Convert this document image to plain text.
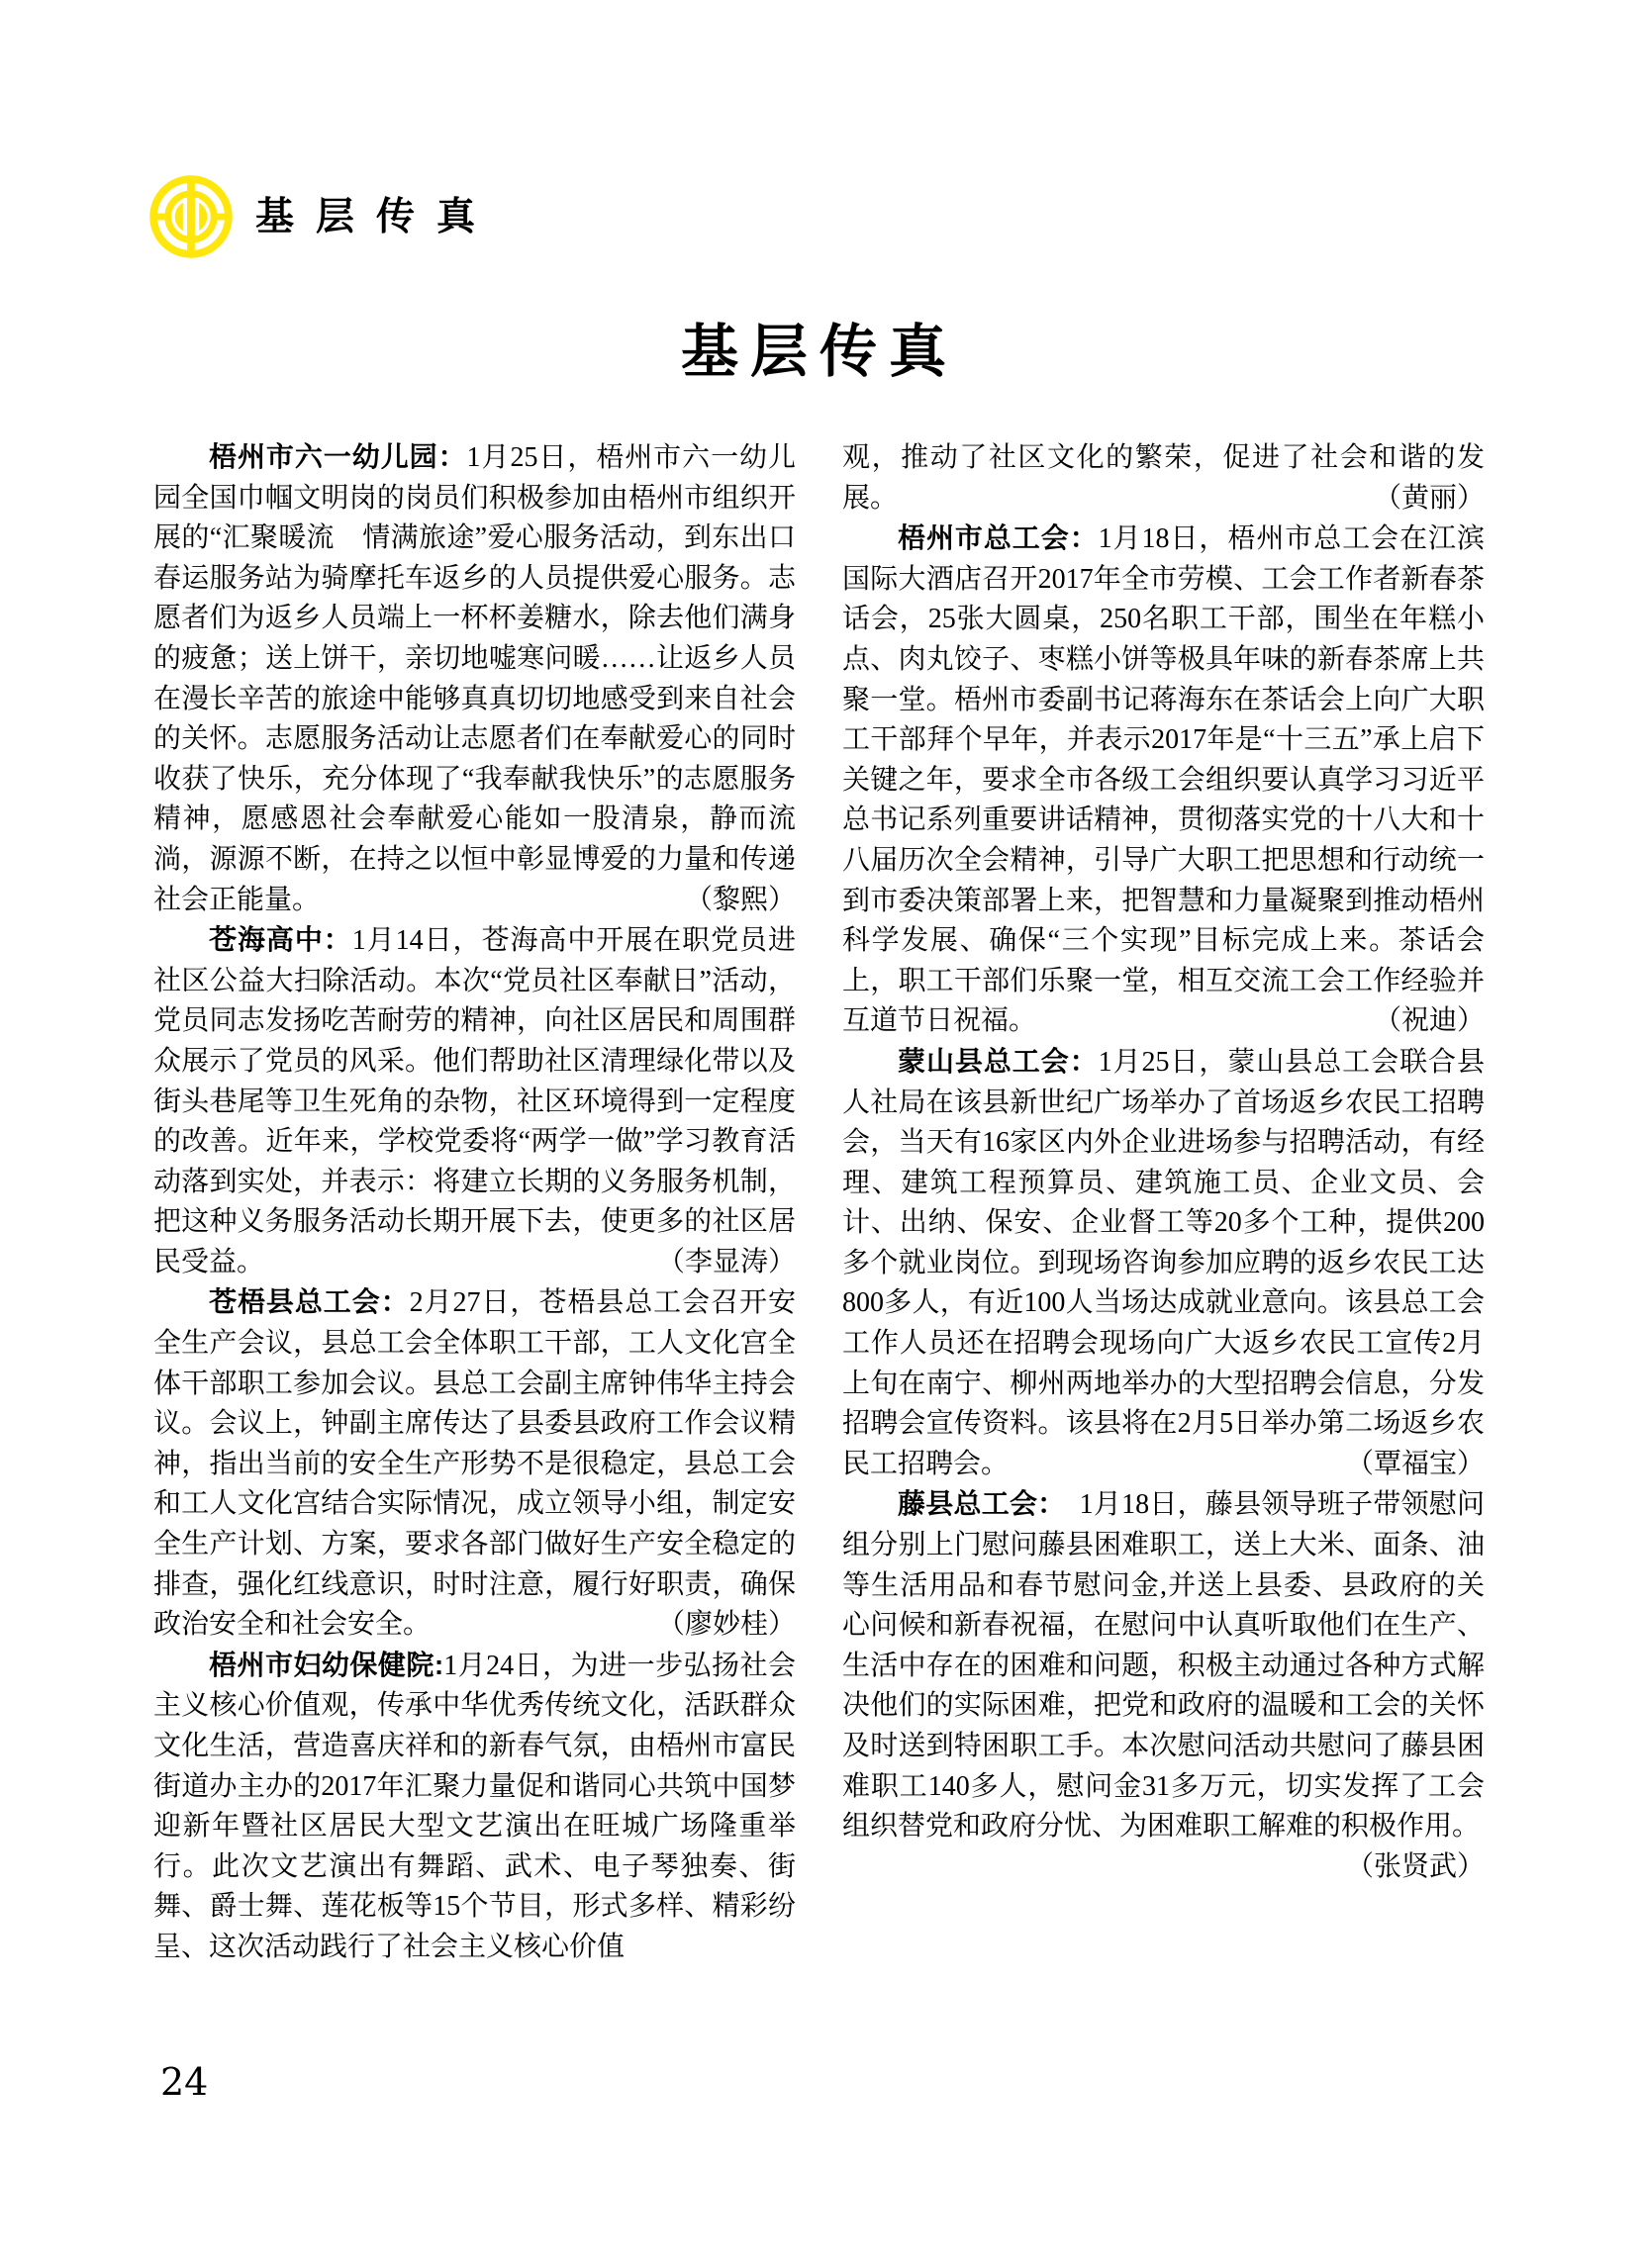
基层传真
基层传真

梧州市六一幼儿园：1月25日，梧州市六一幼儿园全国巾帼文明岗的岗员们积极参加由梧州市组织开展的“汇聚暖流　情满旅途”爱心服务活动，到东出口春运服务站为骑摩托车返乡的人员提供爱心服务。志愿者们为返乡人员端上一杯杯姜糖水，除去他们满身的疲惫；送上饼干，亲切地嘘寒问暖……让返乡人员在漫长辛苦的旅途中能够真真切切地感受到来自社会的关怀。志愿服务活动让志愿者们在奉献爱心的同时收获了快乐，充分体现了“我奉献我快乐”的志愿服务精神，愿感恩社会奉献爱心能如一股清泉，静而流淌，源源不断，在持之以恒中彰显博爱的力量和传递社会正能量。	（黎熙）

苍海高中：1月14日，苍海高中开展在职党员进社区公益大扫除活动。本次“党员社区奉献日”活动，党员同志发扬吃苦耐劳的精神，向社区居民和周围群众展示了党员的风采。他们帮助社区清理绿化带以及街头巷尾等卫生死角的杂物，社区环境得到一定程度的改善。近年来，学校党委将“两学一做”学习教育活动落到实处，并表示：将建立长期的义务服务机制，把这种义务服务活动长期开展下去，使更多的社区居民受益。	（李显涛）

苍梧县总工会：2月27日，苍梧县总工会召开安全生产会议，县总工会全体职工干部，工人文化宫全体干部职工参加会议。县总工会副主席钟伟华主持会议。会议上，钟副主席传达了县委县政府工作会议精神，指出当前的安全生产形势不是很稳定，县总工会和工人文化宫结合实际情况，成立领导小组，制定安全生产计划、方案，要求各部门做好生产安全稳定的排查，强化红线意识，时时注意，履行好职责，确保政治安全和社会安全。	（廖妙桂）

梧州市妇幼保健院:1月24日，为进一步弘扬社会主义核心价值观，传承中华优秀传统文化，活跃群众文化生活，营造喜庆祥和的新春气氛，由梧州市富民街道办主办的2017年汇聚力量促和谐同心共筑中国梦迎新年暨社区居民大型文艺演出在旺城广场隆重举行。此次文艺演出有舞蹈、武术、电子琴独奏、街舞、爵士舞、莲花板等15个节目，形式多样、精彩纷呈、这次活动践行了社会主义核心价值

观，推动了社区文化的繁荣，促进了社会和谐的发展。	（黄丽）

梧州市总工会：1月18日，梧州市总工会在江滨国际大酒店召开2017年全市劳模、工会工作者新春茶话会，25张大圆桌，250名职工干部，围坐在年糕小点、肉丸饺子、枣糕小饼等极具年味的新春茶席上共聚一堂。梧州市委副书记蒋海东在茶话会上向广大职工干部拜个早年，并表示2017年是“十三五”承上启下关键之年，要求全市各级工会组织要认真学习习近平总书记系列重要讲话精神，贯彻落实党的十八大和十八届历次全会精神，引导广大职工把思想和行动统一到市委决策部署上来，把智慧和力量凝聚到推动梧州科学发展、确保“三个实现”目标完成上来。茶话会上，职工干部们乐聚一堂，相互交流工会工作经验并互道节日祝福。	（祝迪）

蒙山县总工会：1月25日，蒙山县总工会联合县人社局在该县新世纪广场举办了首场返乡农民工招聘会，当天有16家区内外企业进场参与招聘活动，有经理、建筑工程预算员、建筑施工员、企业文员、会计、出纳、保安、企业督工等20多个工种，提供200多个就业岗位。到现场咨询参加应聘的返乡农民工达800多人，有近100人当场达成就业意向。该县总工会工作人员还在招聘会现场向广大返乡农民工宣传2月上旬在南宁、柳州两地举办的大型招聘会信息，分发招聘会宣传资料。该县将在2月5日举办第二场返乡农民工招聘会。	（覃福宝）

藤县总工会：　1月18日，藤县领导班子带领慰问组分别上门慰问藤县困难职工，送上大米、面条、油等生活用品和春节慰问金,并送上县委、县政府的关心问候和新春祝福，在慰问中认真听取他们在生产、生活中存在的困难和问题，积极主动通过各种方式解决他们的实际困难，把党和政府的温暖和工会的关怀及时送到特困职工手。本次慰问活动共慰问了藤县困难职工140多人，慰问金31多万元，切实发挥了工会组织替党和政府分忧、为困难职工解难的积极作用。
（张贤武）

24
